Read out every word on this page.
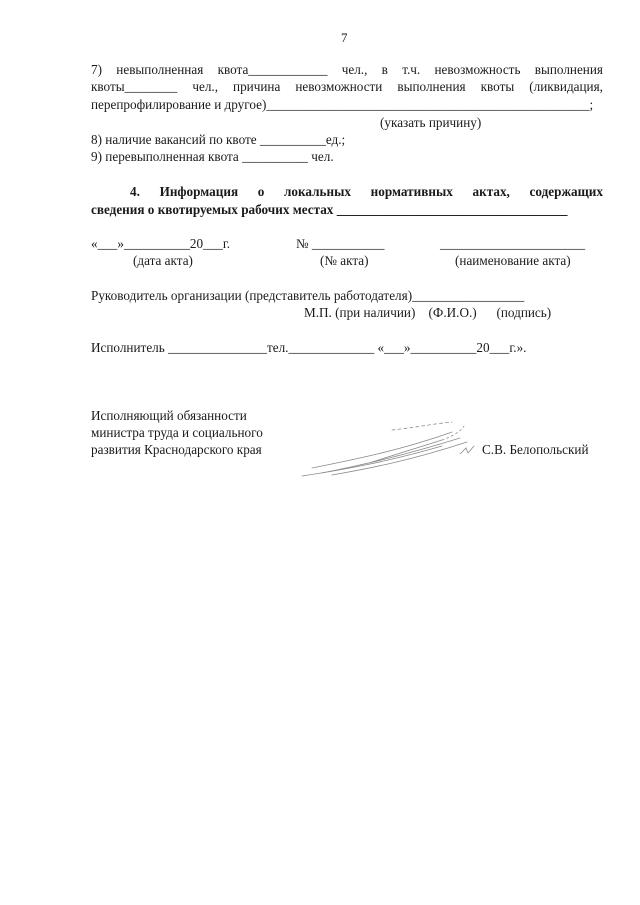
7
7) невыполненная квота____________ чел., в т.ч. невозможность выполнения
квоты________ чел., причина невозможности выполнения квоты (ликвидация,
перепрофилирование и другое)_________________________________________________;
(указать причину)
8) наличие вакансий по квоте __________ед.;
9) перевыполненная квота __________ чел.
4. Информация о локальных нормативных актах, содержащих
сведения о квотируемых рабочих местах ___________________________________
«___»__________20___г.	№ ___________	______________________
(дата акта)	(№ акта)	(наименование акта)
Руководитель организации (представитель работодателя)_________________
М.П. (при наличии)    (Ф.И.О.)      (подпись)
Исполнитель _______________тел._____________ «___»__________20___г.».
Исполняющий обязанности
министра труда и социального
развития Краснодарского края	С.В. Белопольский
